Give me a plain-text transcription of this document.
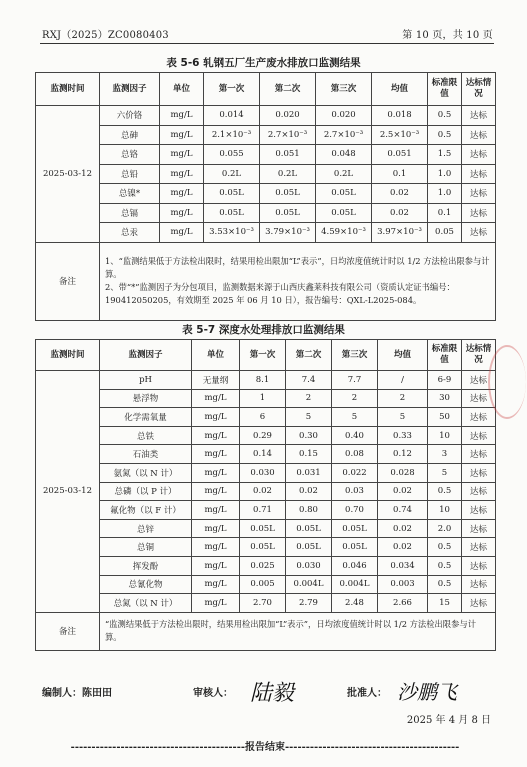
RXJ（2025）ZC0080403	第 10 页，共 10 页
表 5-6 轧钢五厂生产废水排放口监测结果
监测时间	监测因子	单位	第一次	第二次	第三次	均值	标准限值	达标情况
2025-03-12	六价铬	mg/L	0.014	0.020	0.020	0.018	0.5	达标
	总砷	mg/L	2.1×10⁻³	2.7×10⁻³	2.7×10⁻³	2.5×10⁻³	0.5	达标
	总铬	mg/L	0.055	0.051	0.048	0.051	1.5	达标
	总铅	mg/L	0.2L	0.2L	0.2L	0.1	1.0	达标
	总镍*	mg/L	0.05L	0.05L	0.05L	0.02	1.0	达标
	总镉	mg/L	0.05L	0.05L	0.05L	0.02	0.1	达标
	总汞	mg/L	3.53×10⁻³	3.79×10⁻³	4.59×10⁻³	3.97×10⁻³	0.05	达标
备注	1、“监测结果低于方法检出限时，结果用检出限加“L”表示”，日均浓度值统计时以 1/2 方法检出限参与计算。
2、带“*”监测因子为分包项目，监测数据来源于山西庆鑫莱科技有限公司（资质认定证书编号：190412050205，有效期至 2025 年 06 月 10 日），报告编号：QXL-L2025-084。							
表 5-7 深度水处理排放口监测结果
监测时间	监测因子	单位	第一次	第二次	第三次	均值	标准限值	达标情况
2025-03-12	pH	无量纲	8.1	7.4	7.7	/	6-9	达标
	悬浮物	mg/L	1	2	2	2	30	达标
	化学需氧量	mg/L	6	5	5	5	50	达标
	总铁	mg/L	0.29	0.30	0.40	0.33	10	达标
	石油类	mg/L	0.14	0.15	0.08	0.12	3	达标
	氨氮（以 N 计）	mg/L	0.030	0.031	0.022	0.028	5	达标
	总磷（以 P 计）	mg/L	0.02	0.02	0.03	0.02	0.5	达标
	氟化物（以 F 计）	mg/L	0.71	0.80	0.70	0.74	10	达标
	总锌	mg/L	0.05L	0.05L	0.05L	0.02	2.0	达标
	总铜	mg/L	0.05L	0.05L	0.05L	0.02	0.5	达标
	挥发酚	mg/L	0.025	0.030	0.046	0.034	0.5	达标
	总氰化物	mg/L	0.005	0.004L	0.004L	0.003	0.5	达标
	总氮（以 N 计）	mg/L	2.70	2.79	2.48	2.66	15	达标
备注	“监测结果低于方法检出限时，结果用检出限加“L”表示”，日均浓度值统计时以 1/2 方法检出限参与计算。							
编制人：陈田田	审核人： 陆毅	批准人： 沙鹏飞
2025 年 4 月 8 日
------------------------------------------报告结束------------------------------------------
